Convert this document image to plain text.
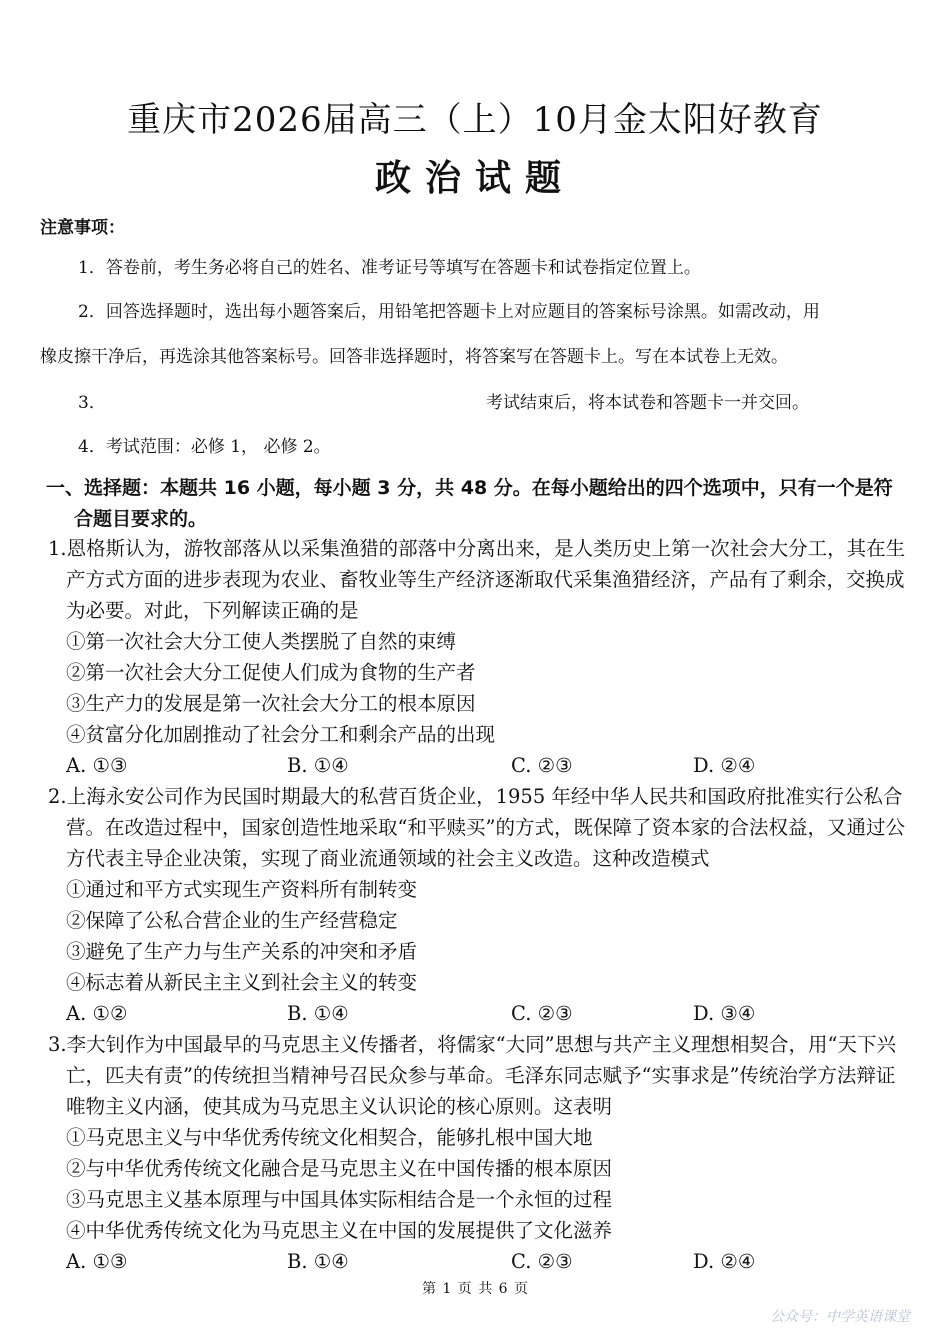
重庆市2026届高三（上）10月金太阳好教育
政治试题
注意事项：
1．答卷前，考生务必将自己的姓名、准考证号等填写在答题卡和试卷指定位置上。
2．回答选择题时，选出每小题答案后，用铅笔把答题卡上对应题目的答案标号涂黑。如需改动，用
橡皮擦干净后，再选涂其他答案标号。回答非选择题时，将答案写在答题卡上。写在本试卷上无效。
3．	考试结束后，将本试卷和答题卡一并交回。
4．考试范围：必修 1， 必修 2。
一、选择题：本题共 16 小题，每小题 3 分，共 48 分。在每小题给出的四个选项中，只有一个是符
合题目要求的。
1.恩格斯认为，游牧部落从以采集渔猎的部落中分离出来，是人类历史上第一次社会大分工，其在生产方式方面的进步表现为农业、畜牧业等生产经济逐渐取代采集渔猎经济，产品有了剩余，交换成为必要。对此，下列解读正确的是
①第一次社会大分工使人类摆脱了自然的束缚
②第一次社会大分工促使人们成为食物的生产者
③生产力的发展是第一次社会大分工的根本原因
④贫富分化加剧推动了社会分工和剩余产品的出现
A. ①③	B. ①④	C. ②③	D. ②④
2.上海永安公司作为民国时期最大的私营百货企业，1955 年经中华人民共和国政府批准实行公私合营。在改造过程中，国家创造性地采取“和平赎买”的方式，既保障了资本家的合法权益，又通过公方代表主导企业决策，实现了商业流通领域的社会主义改造。这种改造模式
①通过和平方式实现生产资料所有制转变
②保障了公私合营企业的生产经营稳定
③避免了生产力与生产关系的冲突和矛盾
④标志着从新民主主义到社会主义的转变
A. ①②	B. ①④	C. ②③	D. ③④
3.李大钊作为中国最早的马克思主义传播者，将儒家“大同”思想与共产主义理想相契合，用“天下兴亡，匹夫有责”的传统担当精神号召民众参与革命。毛泽东同志赋予“实事求是”传统治学方法辩证唯物主义内涵，使其成为马克思主义认识论的核心原则。这表明
①马克思主义与中华优秀传统文化相契合，能够扎根中国大地
②与中华优秀传统文化融合是马克思主义在中国传播的根本原因
③马克思主义基本原理与中国具体实际相结合是一个永恒的过程
④中华优秀传统文化为马克思主义在中国的发展提供了文化滋养
A. ①③	B. ①④	C. ②③	D. ②④
第 1 页 共 6 页
公众号：中学英语课堂
